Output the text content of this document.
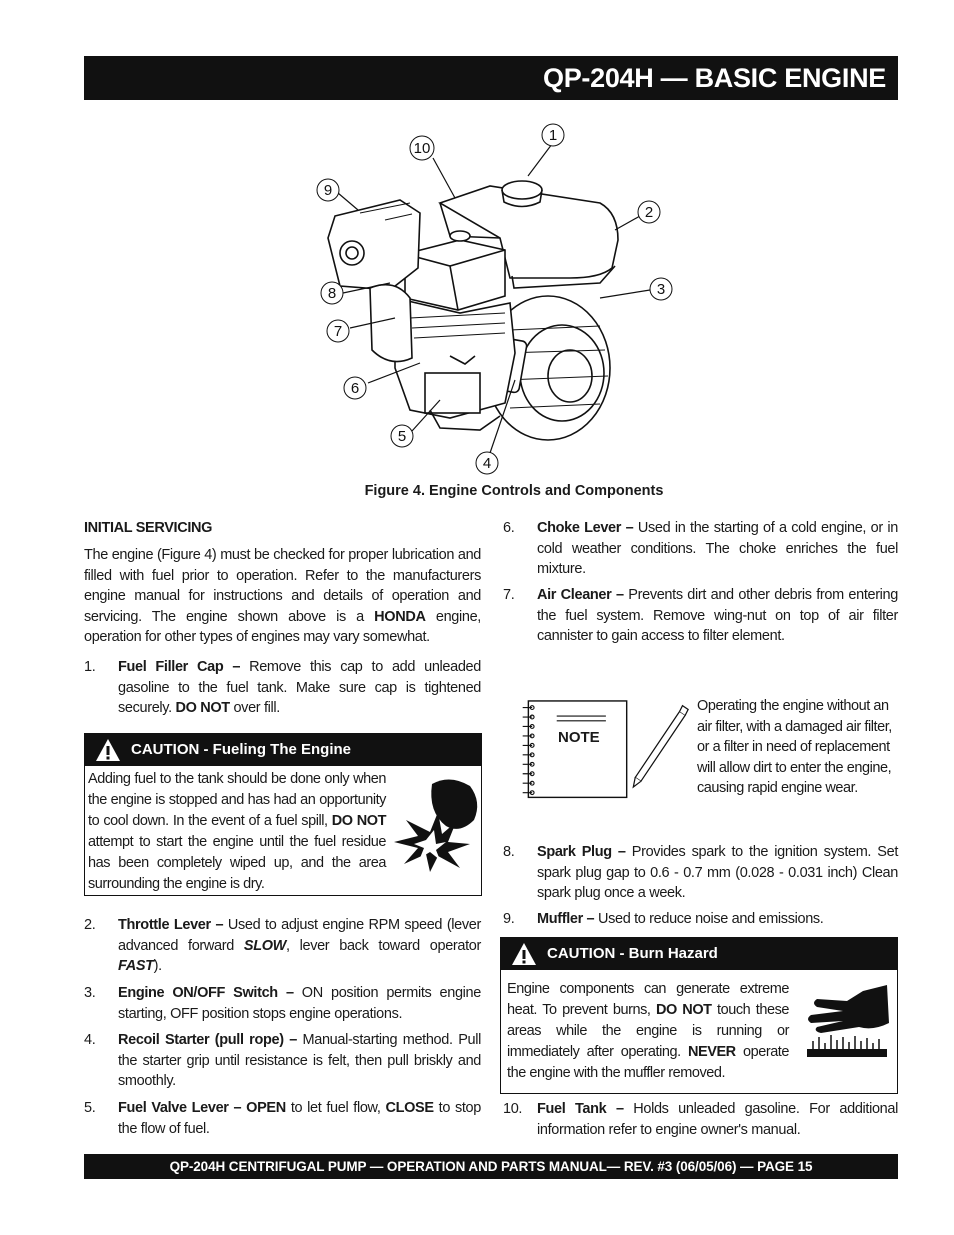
QP-204H — BASIC ENGINE
1
2
3
4
5
6
7
8
9
10
Figure 4. Engine Controls and Components
INITIAL SERVICING
The engine (Figure 4) must be checked for proper lubrication and filled with fuel prior to operation. Refer to the manufacturers engine manual for instructions and details of operation and servicing. The engine shown above is a HONDA engine, operation for other types of engines may vary somewhat.
1. Fuel Filler Cap – Remove this cap to add unleaded gasoline to the fuel tank. Make sure cap is tightened securely. DO NOT over fill.
CAUTION - Fueling The Engine
Adding fuel to the tank should be done only when the engine is stopped and has had an opportunity to cool down. In the event of a fuel spill, DO NOT attempt to start the engine until the fuel residue has been completely wiped up, and the area surrounding the engine is dry.
2. Throttle Lever – Used to adjust engine RPM speed (lever advanced forward SLOW, lever back toward operator FAST).
3. Engine ON/OFF Switch – ON position permits engine starting, OFF position stops engine operations.
4. Recoil Starter (pull rope) – Manual-starting method. Pull the starter grip until resistance is felt, then pull briskly and smoothly.
5. Fuel Valve Lever – OPEN to let fuel flow, CLOSE to stop the flow of fuel.
6. Choke Lever – Used in the starting of a cold engine, or in cold weather conditions. The choke enriches the fuel mixture.
7. Air Cleaner – Prevents dirt and other debris from entering the fuel system. Remove wing-nut on top of air filter cannister to gain access to filter element.
NOTE
Operating the engine without an air filter, with a damaged air filter, or a filter in need of replacement will allow dirt to enter the engine, causing rapid engine wear.
8. Spark Plug – Provides spark to the ignition system. Set spark plug gap to 0.6 - 0.7 mm (0.028 - 0.031 inch) Clean spark plug once a week.
9. Muffler – Used to reduce noise and emissions.
CAUTION - Burn Hazard
Engine components can generate extreme heat. To prevent burns, DO NOT touch these areas while the engine is running or immediately after operating. NEVER operate the engine with the muffler removed.
10. Fuel Tank – Holds unleaded gasoline. For additional information refer to engine owner's manual.
QP-204H CENTRIFUGAL PUMP — OPERATION AND PARTS MANUAL— REV. #3 (06/05/06) — PAGE 15
